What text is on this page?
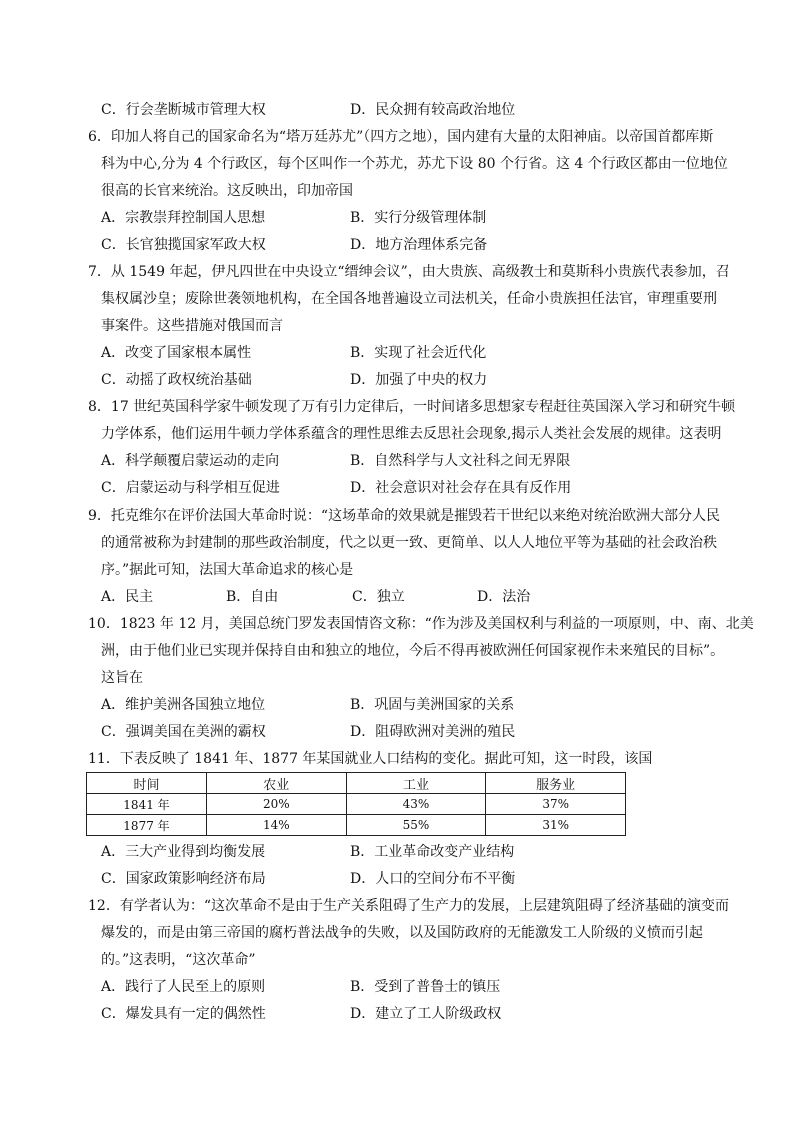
C．行会垄断城市管理大权	D．民众拥有较高政治地位
6．印加人将自己的国家命名为“塔万廷苏尤”（四方之地），国内建有大量的太阳神庙。以帝国首都库斯
科为中心,分为 4 个行政区，每个区叫作一个苏尤，苏尤下设 80 个行省。这 4 个行政区都由一位地位
很高的长官来统治。这反映出，印加帝国
A．宗教崇拜控制国人思想	B．实行分级管理体制
C．长官独揽国家军政大权	D．地方治理体系完备
7．从 1549 年起，伊凡四世在中央设立“缙绅会议”，由大贵族、高级教士和莫斯科小贵族代表参加，召
集权属沙皇；废除世袭领地机构，在全国各地普遍设立司法机关，任命小贵族担任法官，审理重要刑
事案件。这些措施对俄国而言
A．改变了国家根本属性	B．实现了社会近代化
C．动摇了政权统治基础	D．加强了中央的权力
8．17 世纪英国科学家牛顿发现了万有引力定律后，一时间诸多思想家专程赶往英国深入学习和研究牛顿
力学体系，他们运用牛顿力学体系蕴含的理性思维去反思社会现象,揭示人类社会发展的规律。这表明
A．科学颠覆启蒙运动的走向	B．自然科学与人文社科之间无界限
C．启蒙运动与科学相互促进	D．社会意识对社会存在具有反作用
9．托克维尔在评价法国大革命时说：“这场革命的效果就是摧毁若干世纪以来绝对统治欧洲大部分人民
的通常被称为封建制的那些政治制度，代之以更一致、更简单、以人人地位平等为基础的社会政治秩
序。”据此可知，法国大革命追求的核心是
A．民主	B．自由	C．独立	D．法治
10．1823 年 12 月，美国总统门罗发表国情咨文称：“作为涉及美国权利与利益的一项原则，中、南、北美
洲，由于他们业已实现并保持自由和独立的地位，今后不得再被欧洲任何国家视作未来殖民的目标”。
这旨在
A．维护美洲各国独立地位	B．巩固与美洲国家的关系
C．强调美国在美洲的霸权	D．阻碍欧洲对美洲的殖民
11．下表反映了 1841 年、1877 年某国就业人口结构的变化。据此可知，这一时段，该国
时间	农业	工业	服务业
1841 年	20%	43%	37%
1877 年	14%	55%	31%
A．三大产业得到均衡发展	B．工业革命改变产业结构
C．国家政策影响经济布局	D．人口的空间分布不平衡
12．有学者认为：“这次革命不是由于生产关系阻碍了生产力的发展，上层建筑阻碍了经济基础的演变而
爆发的，而是由第三帝国的腐朽普法战争的失败，以及国防政府的无能激发工人阶级的义愤而引起
的。”这表明，“这次革命”
A．践行了人民至上的原则	B．受到了普鲁士的镇压
C．爆发具有一定的偶然性	D．建立了工人阶级政权
